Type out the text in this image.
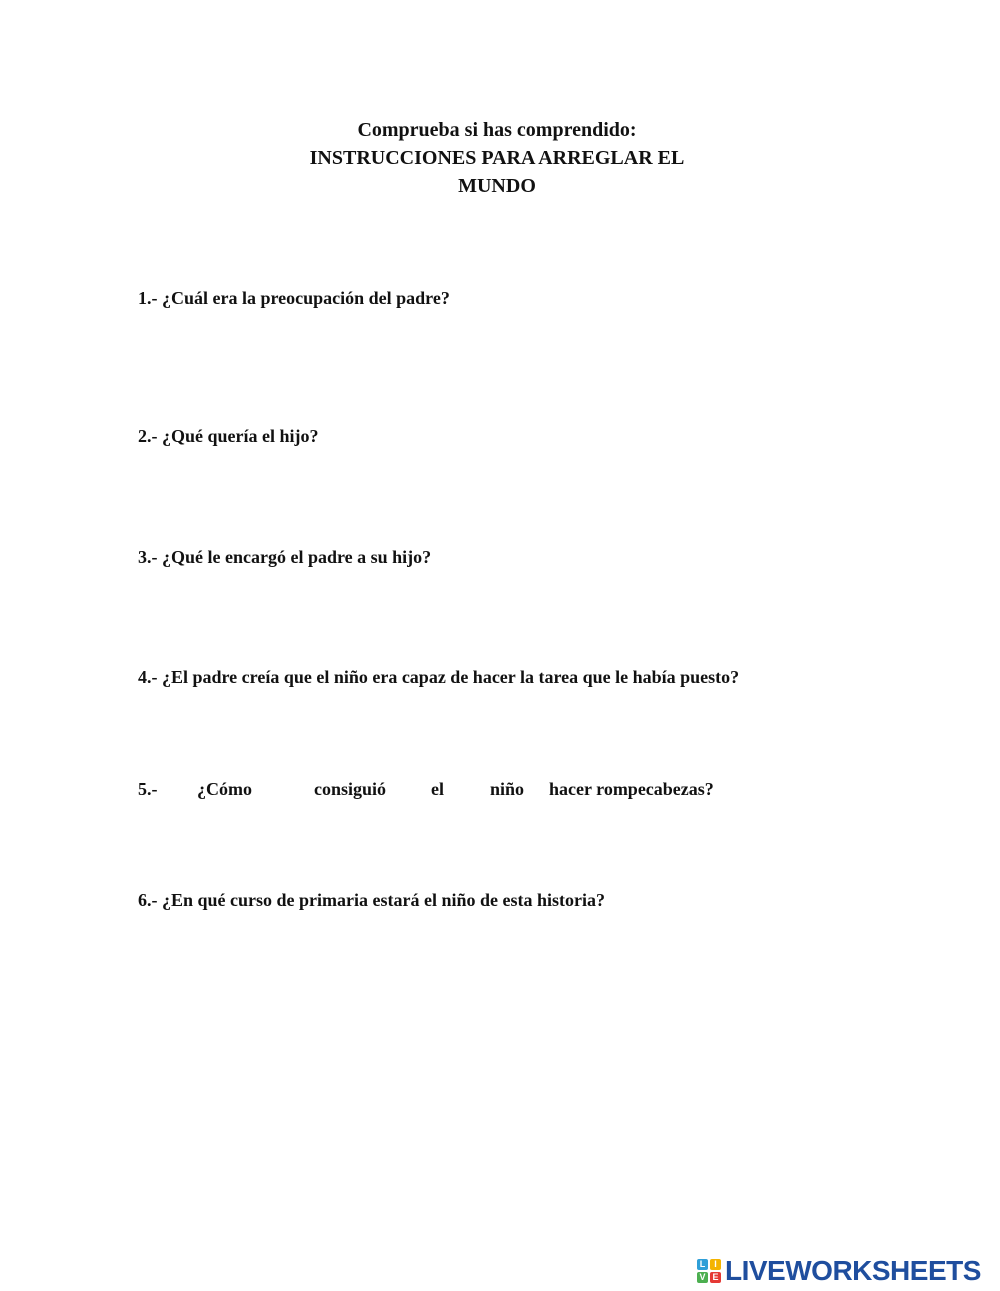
Comprueba si has comprendido:
INSTRUCCIONES PARA ARREGLAR EL
MUNDO
1.- ¿Cuál era la preocupación del padre?
2.- ¿Qué quería el hijo?
3.- ¿Qué le encargó el padre a su hijo?
4.- ¿El padre creía que el niño era capaz de hacer la tarea que le había puesto?
5.- ¿Cómo	consiguió el	niño hacer rompecabezas?
6.- ¿En qué curso de primaria estará el niño de esta historia?
L I
V E LIVEWORKSHEETS
